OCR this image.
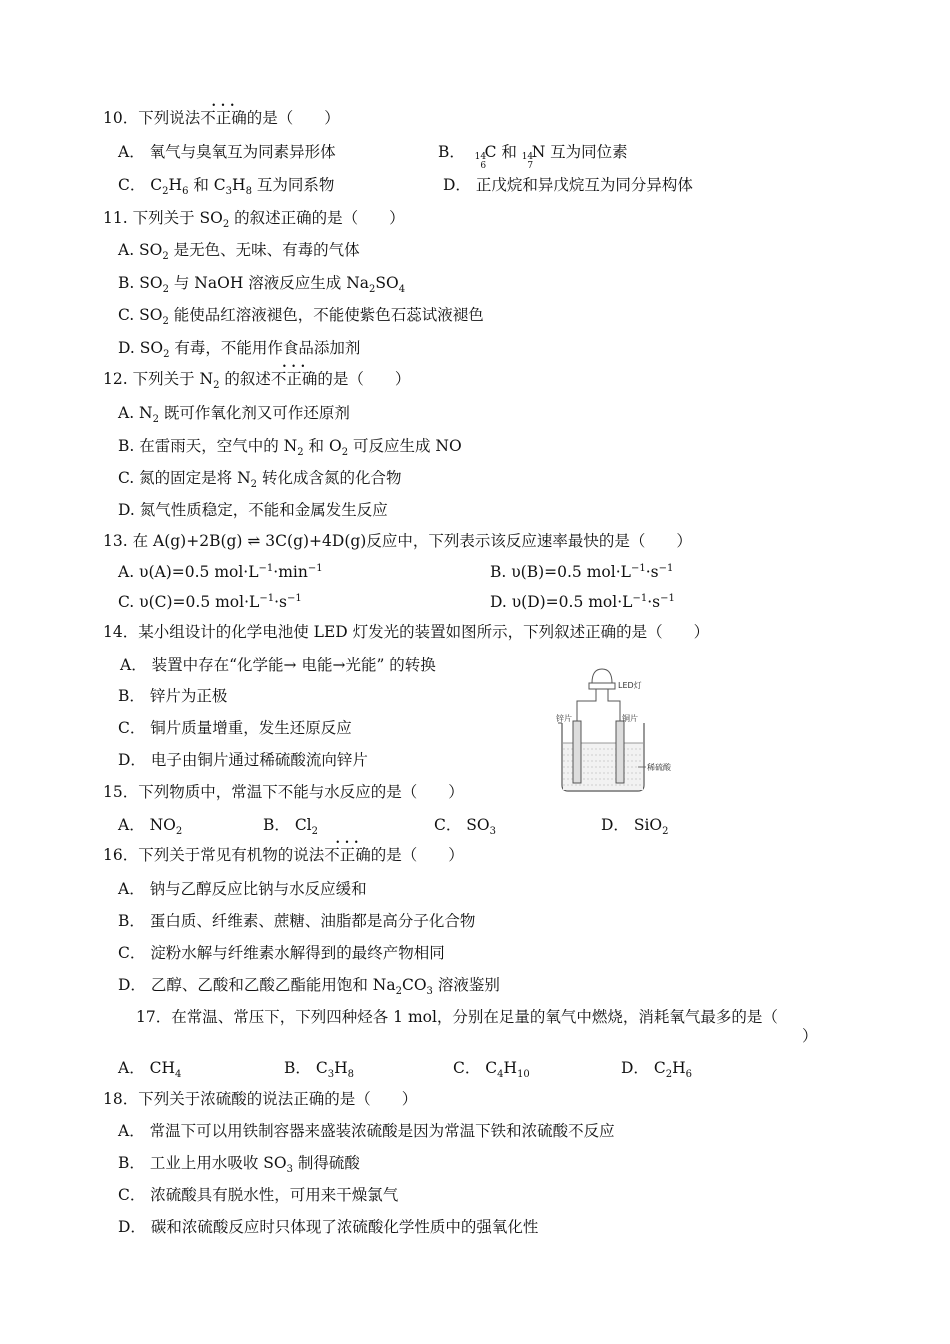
10．下列说法• • • 不正确的是（　　）
A． 氧气与臭氧互为同素异形体	B． 14
6
C 和 14
7
N 互为同位素
C． $C_2H_6$ 和 $C_3H_8$ 互为同系物	D． 正戊烷和异戊烷互为同分异构体
11. 下列关于 $SO_2$ 的叙述正确的是（　　）
A. $SO_2$ 是无色、无味、有毒的气体
B. $SO_2$ 与 NaOH 溶液反应生成 $Na_2SO_4$
C. $SO_2$ 能使品红溶液褪色，不能使紫色石蕊试液褪色
D. $SO_2$ 有毒，不能用作食品添加剂
12. 下列关于 $N_2$ 的叙述• • • 不正确的是（　　）
A. $N_2$ 既可作氧化剂又可作还原剂
B. 在雷雨天，空气中的 $N_2$ 和 $O_2$ 可反应生成 NO
C. 氮的固定是将 $N_2$ 转化成含氮的化合物
D. 氮气性质稳定，不能和金属发生反应
13. 在 A(g)+2B(g) ⇌ 3C(g)+4D(g)反应中，下列表示该反应速率最快的是（　　）
A. υ(A)=0.5 $mol\cdot L^{-1}\cdot\min^{-1}$	B. υ(B)=0.5 $mol\cdot L^{-1}\cdot s^{-1}$
C. υ(C)=0.5 $mol\cdot L^{-1}\cdot s^{-1}$	D. υ(D)=0.5 $mol\cdot L^{-1}\cdot s^{-1}$
14．某小组设计的化学电池使 LED 灯发光的装置如图所示，下列叙述正确的是（　　）
A． 装置中存在“化学能→ 电能→光能” 的转换
B． 锌片为正极
C． 铜片质量增重，发生还原反应
D． 电子由铜片通过稀硫酸流向锌片
LED灯
锌片	铜片
稀硫酸
15．下列物质中，常温下不能与水反应的是（　　）
A． $NO_2$	B． $Cl_2$	C． $SO_3$	D． SiO$_2$
16．下列关于常见有机物的说法• • • 不正确的是（　　）
A． 钠与乙醇反应比钠与水反应缓和
B． 蛋白质、纤维素、蔗糖、油脂都是高分子化合物
C． 淀粉水解与纤维素水解得到的最终产物相同
D． 乙醇、乙酸和乙酸乙酯能用饱和 $Na_2CO_3$ 溶液鉴别
17．在常温、常压下，下列四种烃各 1 mol，分别在足量的氧气中燃烧，消耗氧气最多的是（
）
A． $CH_4$	B． $C_3H_8$	C． $C_4H_{10}$	D． $C_2H_6$
18．下列关于浓硫酸的说法正确的是（　　）
A． 常温下可以用铁制容器来盛装浓硫酸是因为常温下铁和浓硫酸不反应
B． 工业上用水吸收 $SO_3$ 制得硫酸
C． 浓硫酸具有脱水性，可用来干燥氯气
D． 碳和浓硫酸反应时只体现了浓硫酸化学性质中的强氧化性
